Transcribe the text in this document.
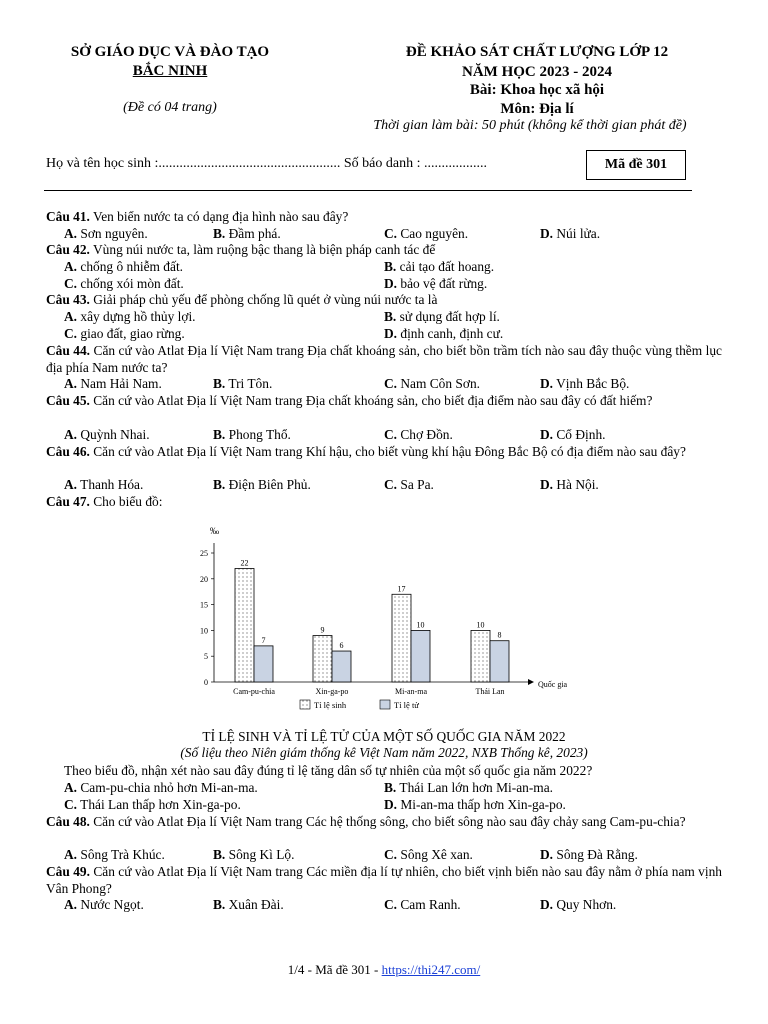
SỞ GIÁO DỤC VÀ ĐÀO TẠO
BẮC NINH
(Đề có 04 trang)
ĐỀ KHẢO SÁT CHẤT LƯỢNG LỚP 12
NĂM HỌC 2023 - 2024
Bài: Khoa học xã hội
Môn: Địa lí
Thời gian làm bài: 50 phút (không kể thời gian phát đề)
Họ và tên học sinh :.................................................... Số báo danh : ..................	Mã đề 301
Câu 41. Ven biển nước ta có dạng địa hình nào sau đây?
A. Sơn nguyên.	B. Đầm phá.	C. Cao nguyên.	D. Núi lửa.
Câu 42. Vùng núi nước ta, làm ruộng bậc thang là biện pháp canh tác để
A. chống ô nhiễm đất.	B. cải tạo đất hoang.
C. chống xói mòn đất.	D. bảo vệ đất rừng.
Câu 43. Giải pháp chủ yếu để phòng chống lũ quét ở vùng núi nước ta là
A. xây dựng hồ thủy lợi.	B. sử dụng đất hợp lí.
C. giao đất, giao rừng.	D. định canh, định cư.
Câu 44. Căn cứ vào Atlat Địa lí Việt Nam trang Địa chất khoáng sản, cho biết bồn trầm tích nào sau đây thuộc vùng thềm lục địa phía Nam nước ta?
A. Nam Hải Nam.	B. Tri Tôn.	C. Nam Côn Sơn.	D. Vịnh Bắc Bộ.
Câu 45. Căn cứ vào Atlat Địa lí Việt Nam trang Địa chất khoáng sản, cho biết địa điểm nào sau đây có đất hiếm?
A. Quỳnh Nhai.	B. Phong Thổ.	C. Chợ Đồn.	D. Cổ Định.
Câu 46. Căn cứ vào Atlat Địa lí Việt Nam trang Khí hậu, cho biết vùng khí hậu Đông Bắc Bộ có địa điểm nào sau đây?
A. Thanh Hóa.	B. Điện Biên Phủ.	C. Sa Pa.	D. Hà Nội.
Câu 47. Cho biểu đồ:
Câu 48. Căn cứ vào Atlat Địa lí Việt Nam trang Các hệ thống sông, cho biết sông nào sau đây chảy sang Cam-pu-chia?
A. Sông Trà Khúc.	B. Sông Kì Lộ.	C. Sông Xê xan.	D. Sông Đà Rằng.
Câu 49. Căn cứ vào Atlat Địa lí Việt Nam trang Các miền địa lí tự nhiên, cho biết vịnh biển nào sau đây nằm ở phía nam vịnh Vân Phong?
A. Nước Ngọt.	B. Xuân Đài.	C. Cam Ranh.	D. Quy Nhơn.
‰
0
5
10
15
20
25
Quốc gia
22
7
Cam-pu-chia
9
6
Xin-ga-po
17
10
Mi-an-ma
10
8
Thái Lan
Tỉ lệ sinh	Tỉ lệ tử
TỈ LỆ SINH VÀ TỈ LỆ TỬ CỦA MỘT SỐ QUỐC GIA NĂM 2022
(Số liệu theo Niên giám thống kê Việt Nam năm 2022, NXB Thống kê, 2023)
Theo biểu đồ, nhận xét nào sau đây đúng tỉ lệ tăng dân số tự nhiên của một số quốc gia năm 2022?
A. Cam-pu-chia nhỏ hơn Mi-an-ma.	B. Thái Lan lớn hơn Mi-an-ma.
C. Thái Lan thấp hơn Xin-ga-po.	D. Mi-an-ma thấp hơn Xin-ga-po.
1/4 - Mã đề 301 - https://thi247.com/
